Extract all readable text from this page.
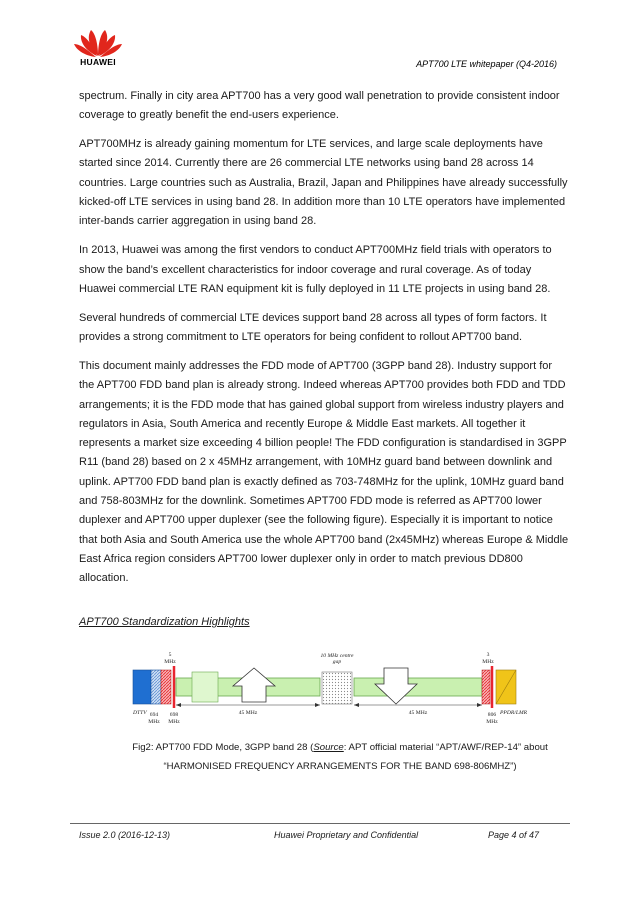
HUAWEI	APT700 LTE whitepaper (Q4-2016)

spectrum. Finally in city area APT700 has a very good wall penetration to provide consistent indoor coverage to greatly benefit the end-users experience.

APT700MHz is already gaining momentum for LTE services, and large scale deployments have started since 2014. Currently there are 26 commercial LTE networks using band 28 across 14 countries. Large countries such as Australia, Brazil, Japan and Philippines have already successfully kicked-off LTE services in using band 28. In addition more than 10 LTE operators have implemented inter-bands carrier aggregation in using band 28.

In 2013, Huawei was among the first vendors to conduct APT700MHz field trials with operators to show the band’s excellent characteristics for indoor coverage and rural coverage. As of today Huawei commercial LTE RAN equipment kit is fully deployed in 11 LTE projects in using band 28.

Several hundreds of commercial LTE devices support band 28 across all types of form factors. It provides a strong commitment to LTE operators for being confident to rollout APT700 band.

This document mainly addresses the FDD mode of APT700 (3GPP band 28). Industry support for the APT700 FDD band plan is already strong. Indeed whereas APT700 provides both FDD and TDD arrangements; it is the FDD mode that has gained global support from wireless industry players and regulators in Asia, South America and recently Europe & Middle East markets. All together it represents a market size exceeding 4 billion people! The FDD configuration is standardised in 3GPP R11 (band 28) based on 2 x 45MHz arrangement, with 10MHz guard band between downlink and uplink. APT700 FDD band plan is exactly defined as 703-748MHz for the uplink, 10MHz guard band and 758-803MHz for the downlink. Sometimes APT700 FDD mode is referred as APT700 lower duplexer and APT700 upper duplexer (see the following figure). Especially it is important to notice that both Asia and South America use the whole APT700 band (2x45MHz) whereas Europe & Middle East Africa region considers APT700 lower duplexer only in order to match previous DD800 allocation.

APT700 Standardization Highlights
5
MHz
10 MHz centre
gap
3
MHz
DTTV 694
MHz
698
MHz
45 MHz	45 MHz	806
MHz
PPDR/LMR
Fig2: APT700 FDD Mode, 3GPP band 28 (Source: APT official material “APT/AWF/REP-14” about
“HARMONISED FREQUENCY ARRANGEMENTS FOR THE BAND 698-806MHZ”)
Issue 2.0 (2016-12-13)	Huawei Proprietary and Confidential	Page 4 of 47
